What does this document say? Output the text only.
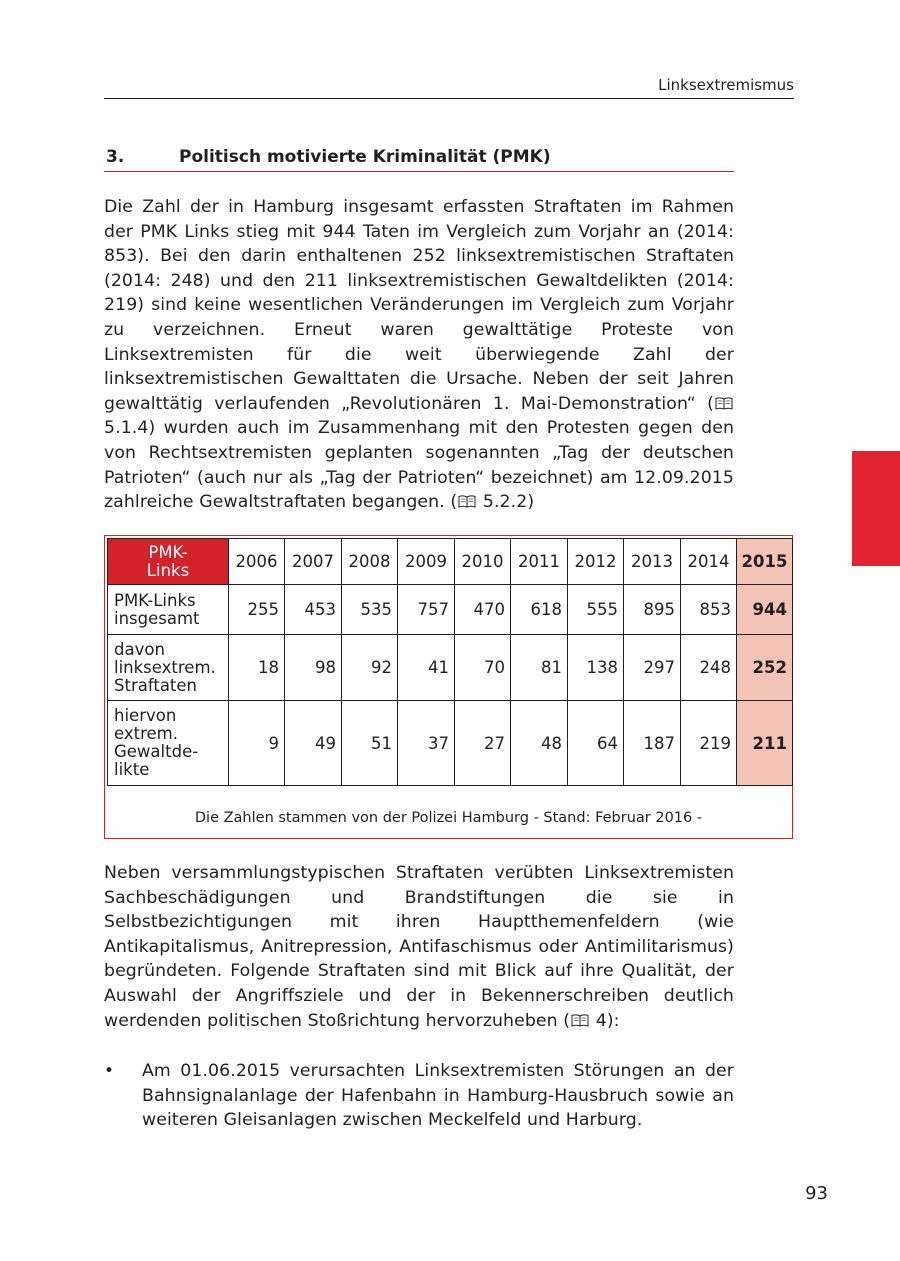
Linksextremismus
3.	Politisch motivierte Kriminalität (PMK)

Die Zahl der in Hamburg insgesamt erfassten Straftaten im Rahmen der PMK Links stieg mit 944 Taten im Vergleich zum Vorjahr an (2014: 853). Bei den darin enthaltenen 252 linksextremistischen Straftaten (2014: 248) und den 211 linksextremistischen Gewaltdelikten (2014: 219) sind keine wesentlichen Veränderungen im Vergleich zum Vorjahr zu verzeichnen. Erneut waren gewalttätige Proteste von Linksextremisten für die weit überwiegende Zahl der linksextremistischen Gewalttaten die Ursache. Neben der seit Jahren gewalttätig verlaufenden „Revolutionären 1. Mai-Demonstration“ (
5.1.4) wurden auch im Zusammenhang mit den Protesten gegen den von Rechtsextremisten geplanten sogenannten „Tag der deutschen Patrioten“ (auch nur als „Tag der Patrioten“ bezeichnet) am 12.09.2015 zahlreiche Gewaltstraftaten begangen. (
5.2.2)

PMK-
Links	2006	2007	2008	2009	2010	2011	2012	2013	2014	2015
PMK-Links insgesamt	255	453	535	757	470	618	555	895	853	944
davon linksextrem. Straftaten	18	98	92	41	70	81	138	297	248	252
hiervon extrem. Gewaltde-likte	9	49	51	37	27	48	64	187	219	211
Die Zahlen stammen von der Polizei Hamburg - Stand: Februar 2016 -

Neben versammlungstypischen Straftaten verübten Linksextremisten Sachbeschädigungen und Brandstiftungen die sie in Selbstbezichtigungen mit ihren Hauptthemenfeldern (wie Antikapitalismus, Anitrepression, Antifaschismus oder Antimilitarismus) begründeten. Folgende Straftaten sind mit Blick auf ihre Qualität, der Auswahl der Angriffsziele und der in Bekennerschreiben deutlich werdenden politischen Stoßrichtung hervorzuheben (
4):

• Am 01.06.2015 verursachten Linksextremisten Störungen an der Bahnsignalanlage der Hafenbahn in Hamburg-Hausbruch sowie an weiteren Gleisanlagen zwischen Meckelfeld und Harburg.
93
